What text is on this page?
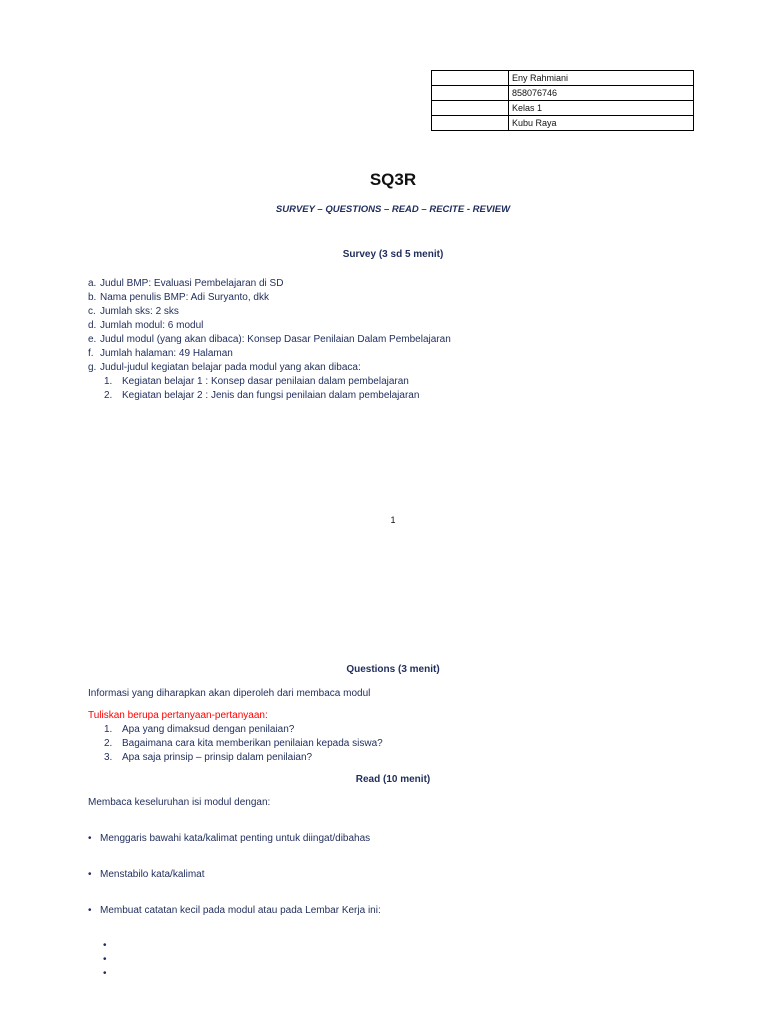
	Eny Rahmiani
	858076746
	Kelas 1
	Kubu Raya
SQ3R
SURVEY – QUESTIONS – READ – RECITE - REVIEW
Survey (3 sd 5 menit)
a. Judul BMP: Evaluasi Pembelajaran di SD
b. Nama penulis BMP: Adi Suryanto, dkk
c. Jumlah sks: 2 sks
d. Jumlah modul: 6 modul
e. Judul modul (yang akan dibaca): Konsep Dasar Penilaian Dalam Pembelajaran
f. Jumlah halaman: 49 Halaman
g. Judul-judul kegiatan belajar pada modul yang akan dibaca:
1. Kegiatan belajar 1 : Konsep dasar penilaian dalam pembelajaran
2. Kegiatan belajar 2 : Jenis dan fungsi penilaian dalam pembelajaran
1
Questions (3 menit)
Informasi yang diharapkan akan diperoleh dari membaca modul
Tuliskan berupa pertanyaan-pertanyaan:
1. Apa yang dimaksud dengan penilaian?
2. Bagaimana cara kita memberikan penilaian kepada siswa?
3. Apa saja prinsip – prinsip dalam penilaian?
Read (10 menit)
Membaca keseluruhan isi modul dengan:
• Menggaris bawahi kata/kalimat penting untuk diingat/dibahas
• Menstabilo kata/kalimat
• Membuat catatan kecil pada modul atau pada Lembar Kerja ini:
•
•
•
